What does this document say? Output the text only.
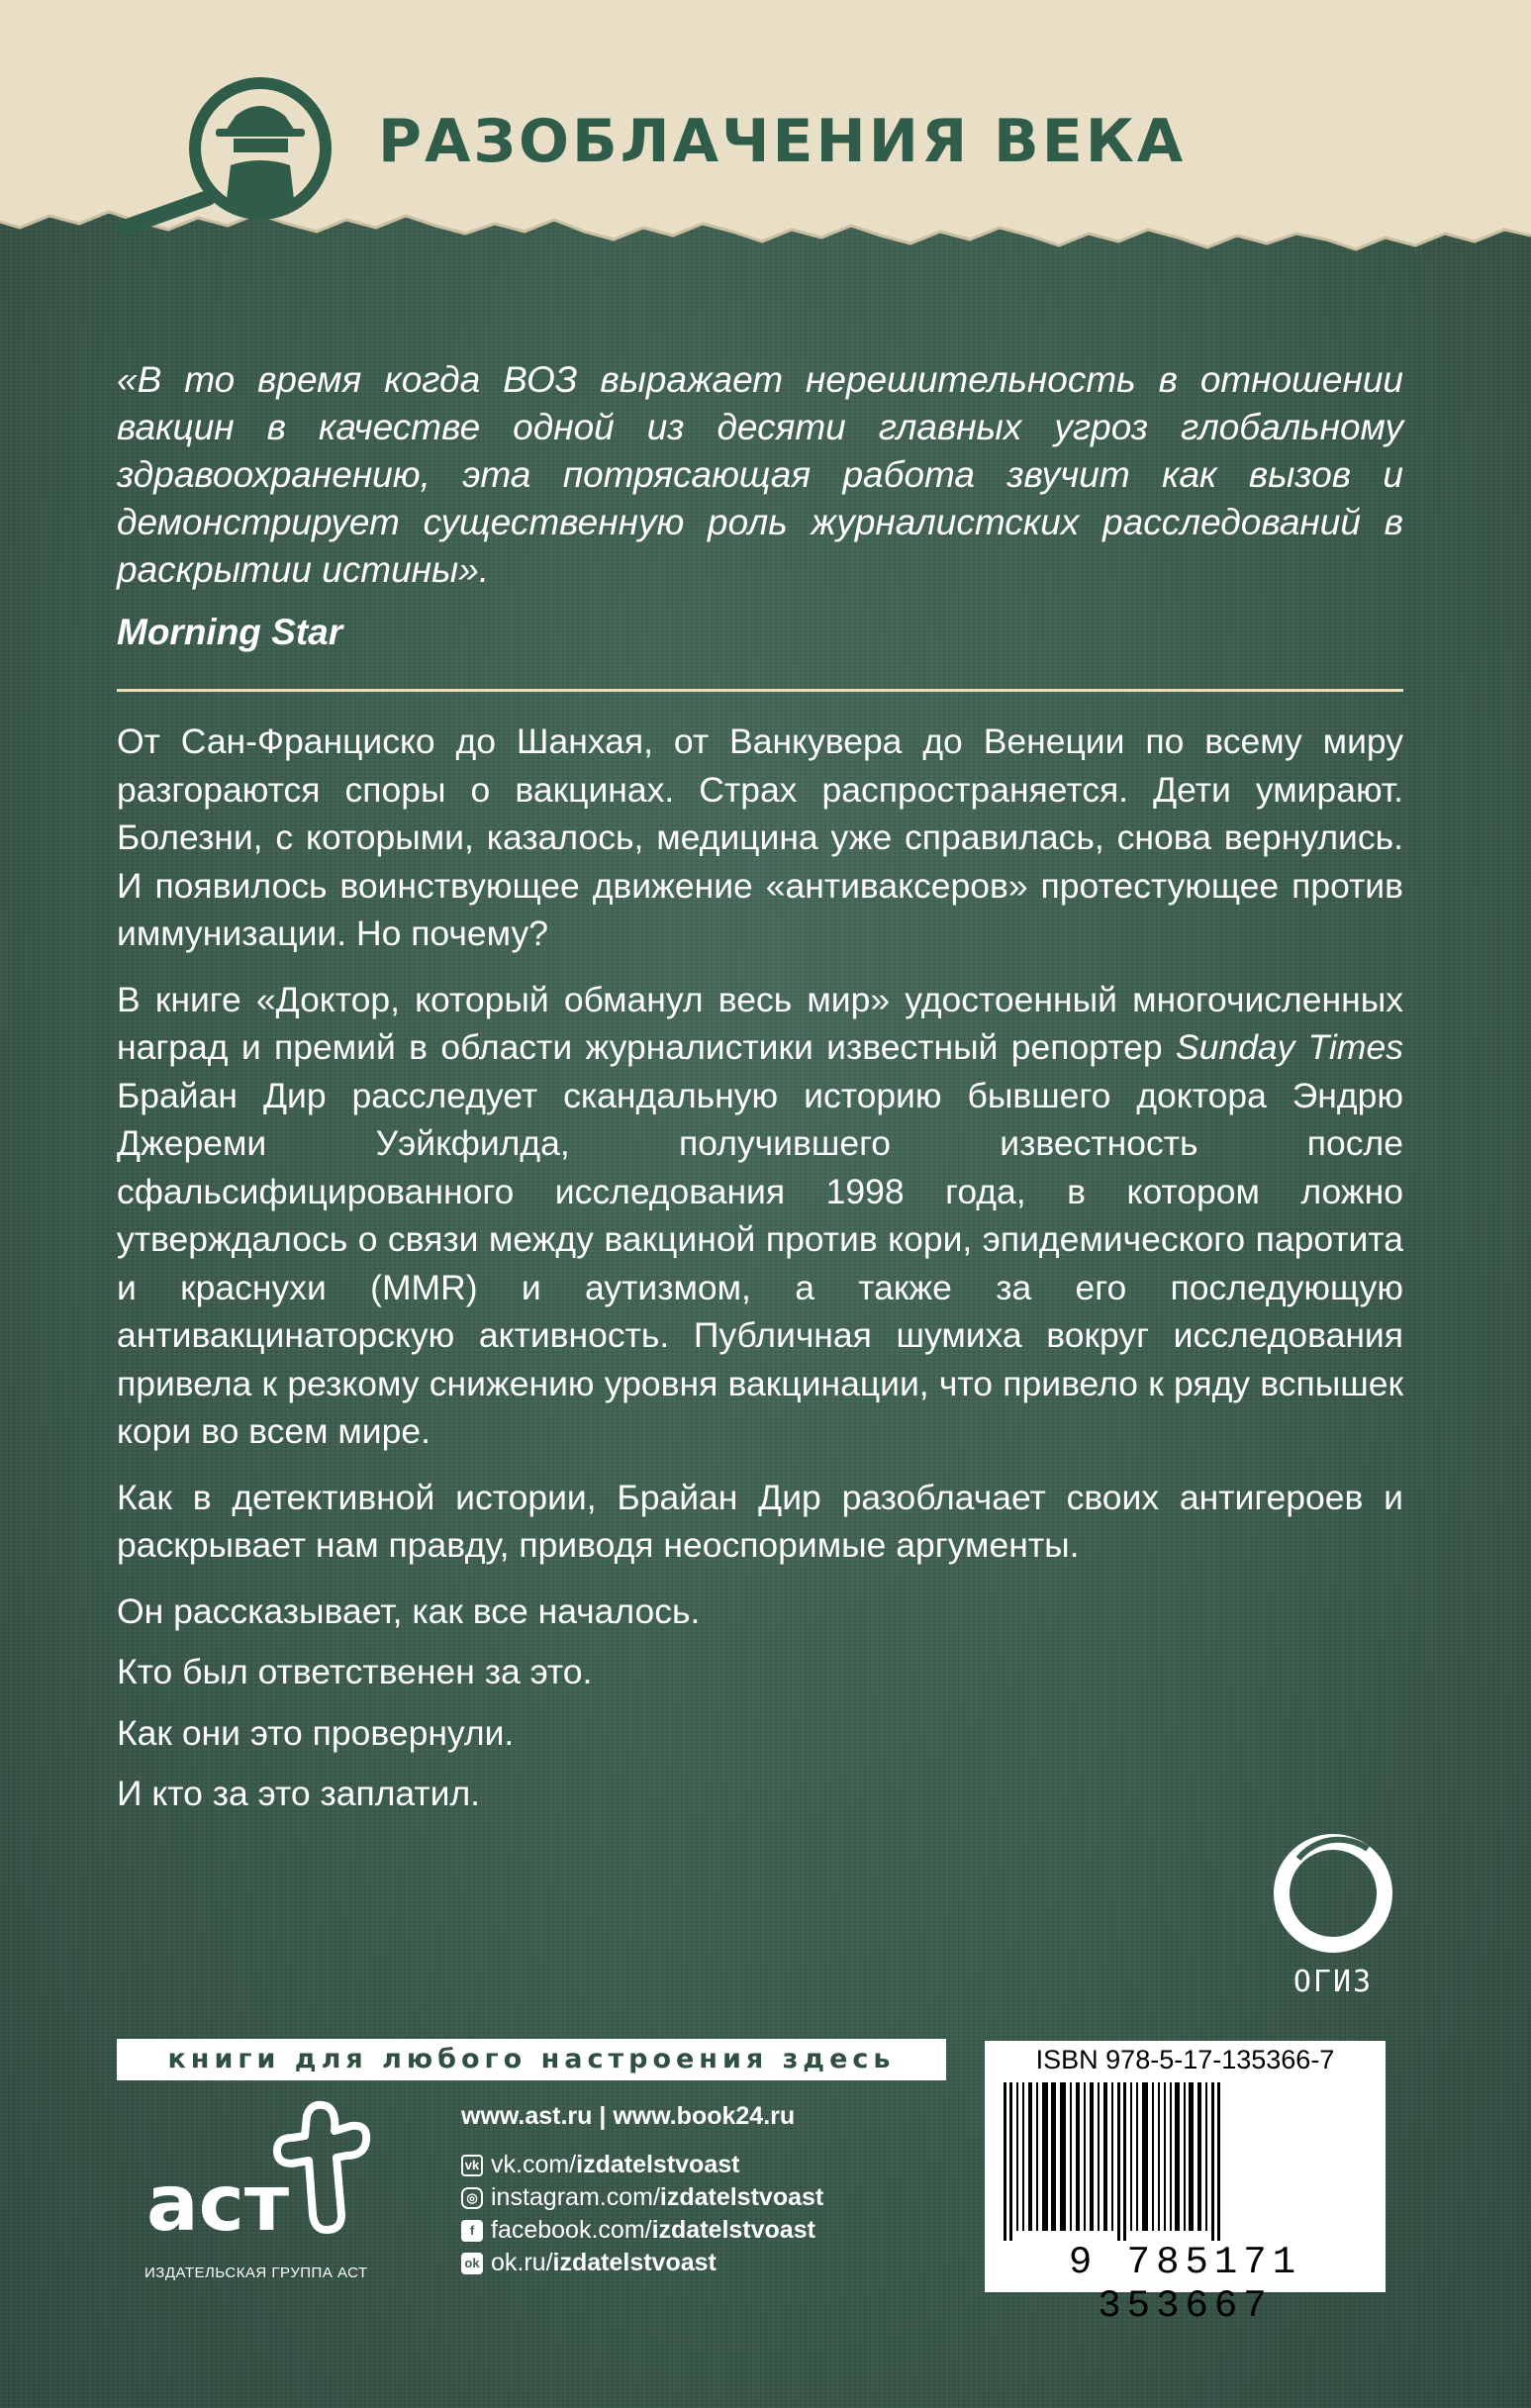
РАЗОБЛАЧЕНИЯ ВЕКА
«В то время когда ВОЗ выражает нерешительность в отношении вакцин в качестве одной из десяти главных угроз глобальному здравоохранению, эта потрясающая работа звучит как вызов и демонстрирует существенную роль журналистских расследований в раскрытии истины».
Morning Star

От Сан-Франциско до Шанхая, от Ванкувера до Венеции по всему миру разгораются споры о вакцинах. Страх распространяется. Дети умирают. Болезни, с которыми, казалось, медицина уже справилась, снова вернулись. И появилось воинствующее движение «антиваксеров» протестующее против иммунизации. Но почему?

В книге «Доктор, который обманул весь мир» удостоенный многочисленных наград и премий в области журналистики известный репортер Sunday Times Брайан Дир расследует скандальную историю бывшего доктора Эндрю Джереми Уэйкфилда, получившего известность после сфальсифицированного исследования 1998 года, в котором ложно утверждалось о связи между вакциной против кори, эпидемического паротита и краснухи (MMR) и аутизмом, а также за его последующую антивакцинаторскую активность. Публичная шумиха вокруг исследования привела к резкому снижению уровня вакцинации, что привело к ряду вспышек кори во всем мире.

Как в детективной истории, Брайан Дир разоблачает своих антигероев и раскрывает нам правду, приводя неоспоримые аргументы.

Он рассказывает, как все началось.

Кто был ответственен за это.

Как они это провернули.

И кто за это заплатил.

ОГИЗ
книги для любого настроения здесь
аст
ИЗДАТЕЛЬСКАЯ ГРУППА АСТ
www.ast.ru | www.book24.ru
vk vk.com/ izdatelstvoast
◎ instagram.com/ izdatelstvoast
f facebook.com/ izdatelstvoast
ok ok.ru/ izdatelstvoast
ISBN 978-5-17-135366-7
9 785171 353667
